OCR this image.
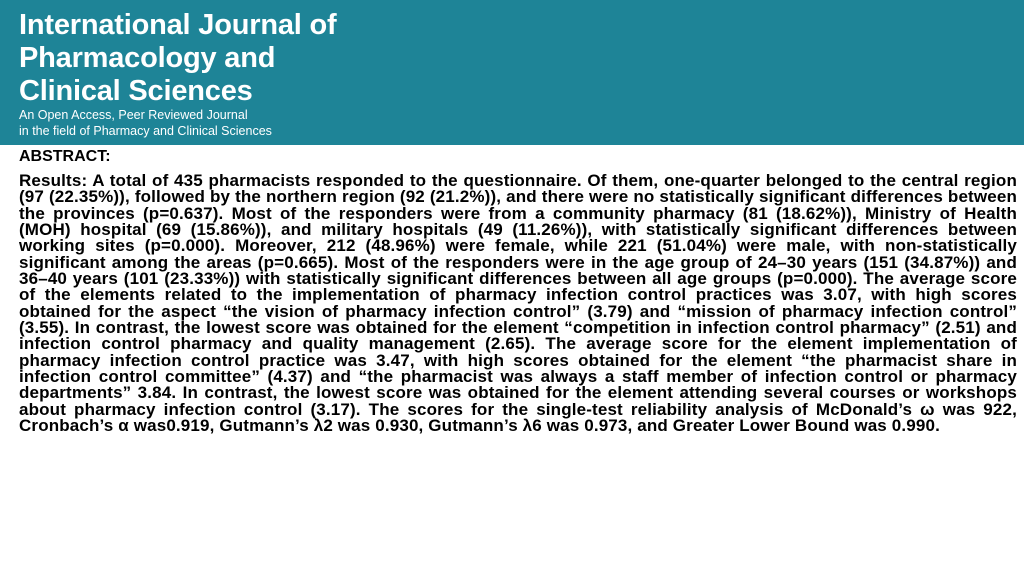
International Journal of
Pharmacology and
Clinical Sciences

An Open Access, Peer Reviewed Journal
in the field of Pharmacy and Clinical Sciences

ABSTRACT:

Results: A total of 435 pharmacists responded to the questionnaire. Of them, one-quarter belonged to the central region (97 (22.35%)), followed by the northern region (92 (21.2%)), and there were no statistically significant differences between the provinces (p=0.637). Most of the responders were from a community pharmacy (81 (18.62%)), Ministry of Health (MOH) hospital (69 (15.86%)), and military hospitals (49 (11.26%)), with statistically significant differences between working sites (p=0.000). Moreover, 212 (48.96%) were female, while 221 (51.04%) were male, with non-statistically significant among the areas (p=0.665). Most of the responders were in the age group of 24–30 years (151 (34.87%)) and 36–40 years (101 (23.33%)) with statistically significant differences between all age groups (p=0.000). The average score of the elements related to the implementation of pharmacy infection control practices was 3.07, with high scores obtained for the aspect “the vision of pharmacy infection control” (3.79) and “mission of pharmacy infection control” (3.55). In contrast, the lowest score was obtained for the element “competition in infection control pharmacy” (2.51) and infection control pharmacy and quality management (2.65). The average score for the element implementation of pharmacy infection control practice was 3.47, with high scores obtained for the element “the pharmacist share in infection control committee” (4.37) and “the pharmacist was always a staff member of infection control or pharmacy departments” 3.84. In contrast, the lowest score was obtained for the element attending several courses or workshops about pharmacy infection control (3.17). The scores for the single-test reliability analysis of McDonald’s ω was 922, Cronbach’s α was0.919, Gutmann’s λ2 was 0.930, Gutmann’s λ6 was 0.973, and Greater Lower Bound was 0.990.
